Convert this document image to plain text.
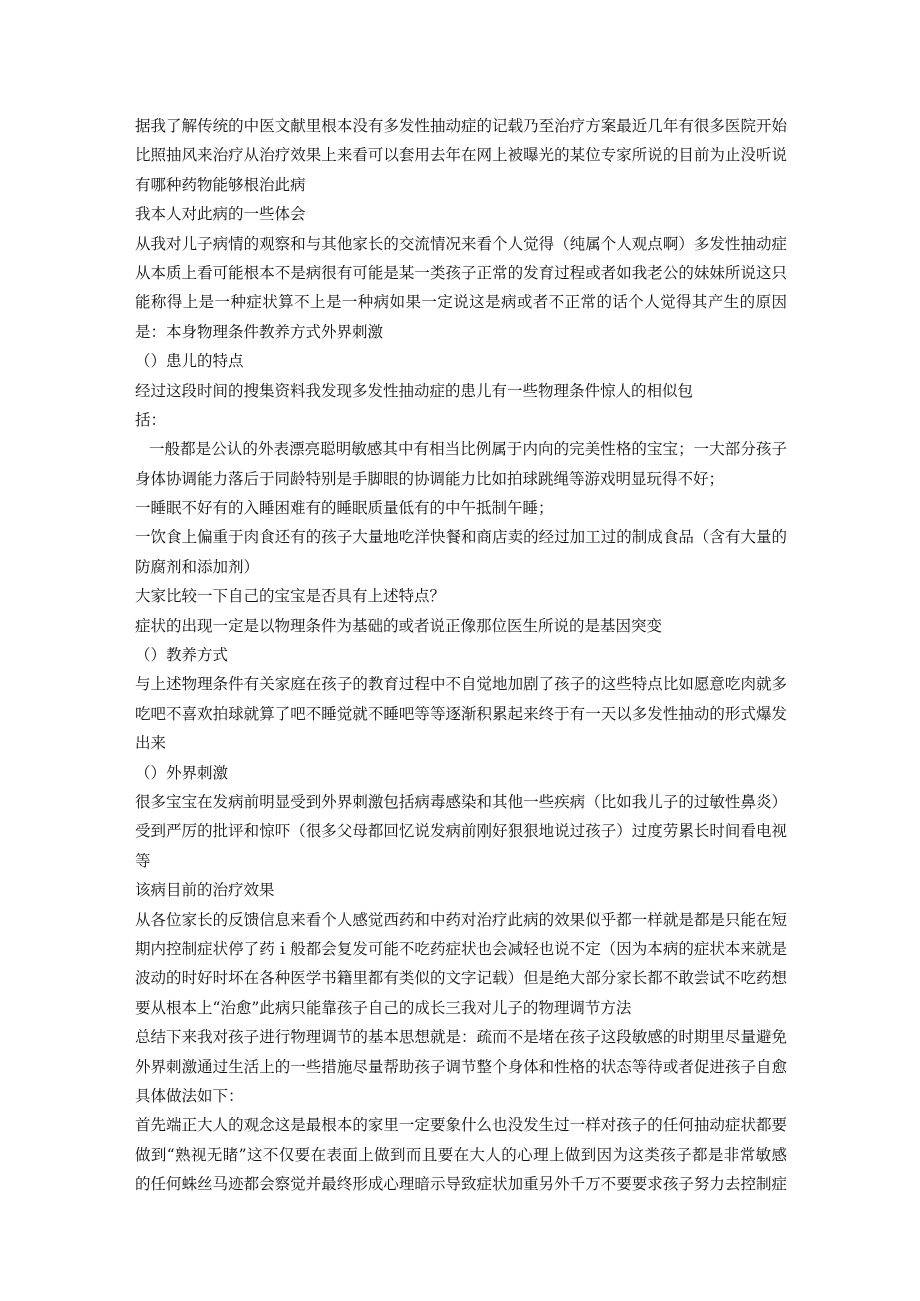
据我了解传统的中医文献里根本没有多发性抽动症的记载乃至治疗方案最近几年有很多医院开始
比照抽风来治疗从治疗效果上来看可以套用去年在网上被曝光的某位专家所说的目前为止没听说
有哪种药物能够根治此病
我本人对此病的一些体会
从我对儿子病情的观察和与其他家长的交流情况来看个人觉得（纯属个人观点啊）多发性抽动症
从本质上看可能根本不是病很有可能是某一类孩子正常的发育过程或者如我老公的妹妹所说这只
能称得上是一种症状算不上是一种病如果一定说这是病或者不正常的话个人觉得其产生的原因
是：本身物理条件教养方式外界刺激
（）患儿的特点
经过这段时间的搜集资料我发现多发性抽动症的患儿有一些物理条件惊人的相似包
括：
一般都是公认的外表漂亮聪明敏感其中有相当比例属于内向的完美性格的宝宝；一大部分孩子
身体协调能力落后于同龄特别是手脚眼的协调能力比如拍球跳绳等游戏明显玩得不好；
一睡眠不好有的入睡困难有的睡眠质量低有的中午抵制午睡；
一饮食上偏重于肉食还有的孩子大量地吃洋快餐和商店卖的经过加工过的制成食品（含有大量的
防腐剂和添加剂）
大家比较一下自己的宝宝是否具有上述特点？
症状的出现一定是以物理条件为基础的或者说正像那位医生所说的是基因突变
（）教养方式
与上述物理条件有关家庭在孩子的教育过程中不自觉地加剧了孩子的这些特点比如愿意吃肉就多
吃吧不喜欢拍球就算了吧不睡觉就不睡吧等等逐渐积累起来终于有一天以多发性抽动的形式爆发
出来
（）外界刺激
很多宝宝在发病前明显受到外界刺激包括病毒感染和其他一些疾病（比如我儿子的过敏性鼻炎）
受到严厉的批评和惊吓（很多父母都回忆说发病前刚好狠狠地说过孩子）过度劳累长时间看电视
等
该病目前的治疗效果
从各位家长的反馈信息来看个人感觉西药和中药对治疗此病的效果似乎都一样就是都是只能在短
期内控制症状停了药ｉ般都会复发可能不吃药症状也会减轻也说不定（因为本病的症状本来就是
波动的时好时坏在各种医学书籍里都有类似的文字记载）但是绝大部分家长都不敢尝试不吃药想
要从根本上“治愈”此病只能靠孩子自己的成长三我对儿子的物理调节方法
总结下来我对孩子进行物理调节的基本思想就是：疏而不是堵在孩子这段敏感的时期里尽量避免
外界刺激通过生活上的一些措施尽量帮助孩子调节整个身体和性格的状态等待或者促进孩子自愈
具体做法如下：
首先端正大人的观念这是最根本的家里一定要象什么也没发生过一样对孩子的任何抽动症状都要
做到“熟视无睹”这不仅要在表面上做到而且要在大人的心理上做到因为这类孩子都是非常敏感
的任何蛛丝马迹都会察觉并最终形成心理暗示导致症状加重另外千万不要要求孩子努力去控制症
